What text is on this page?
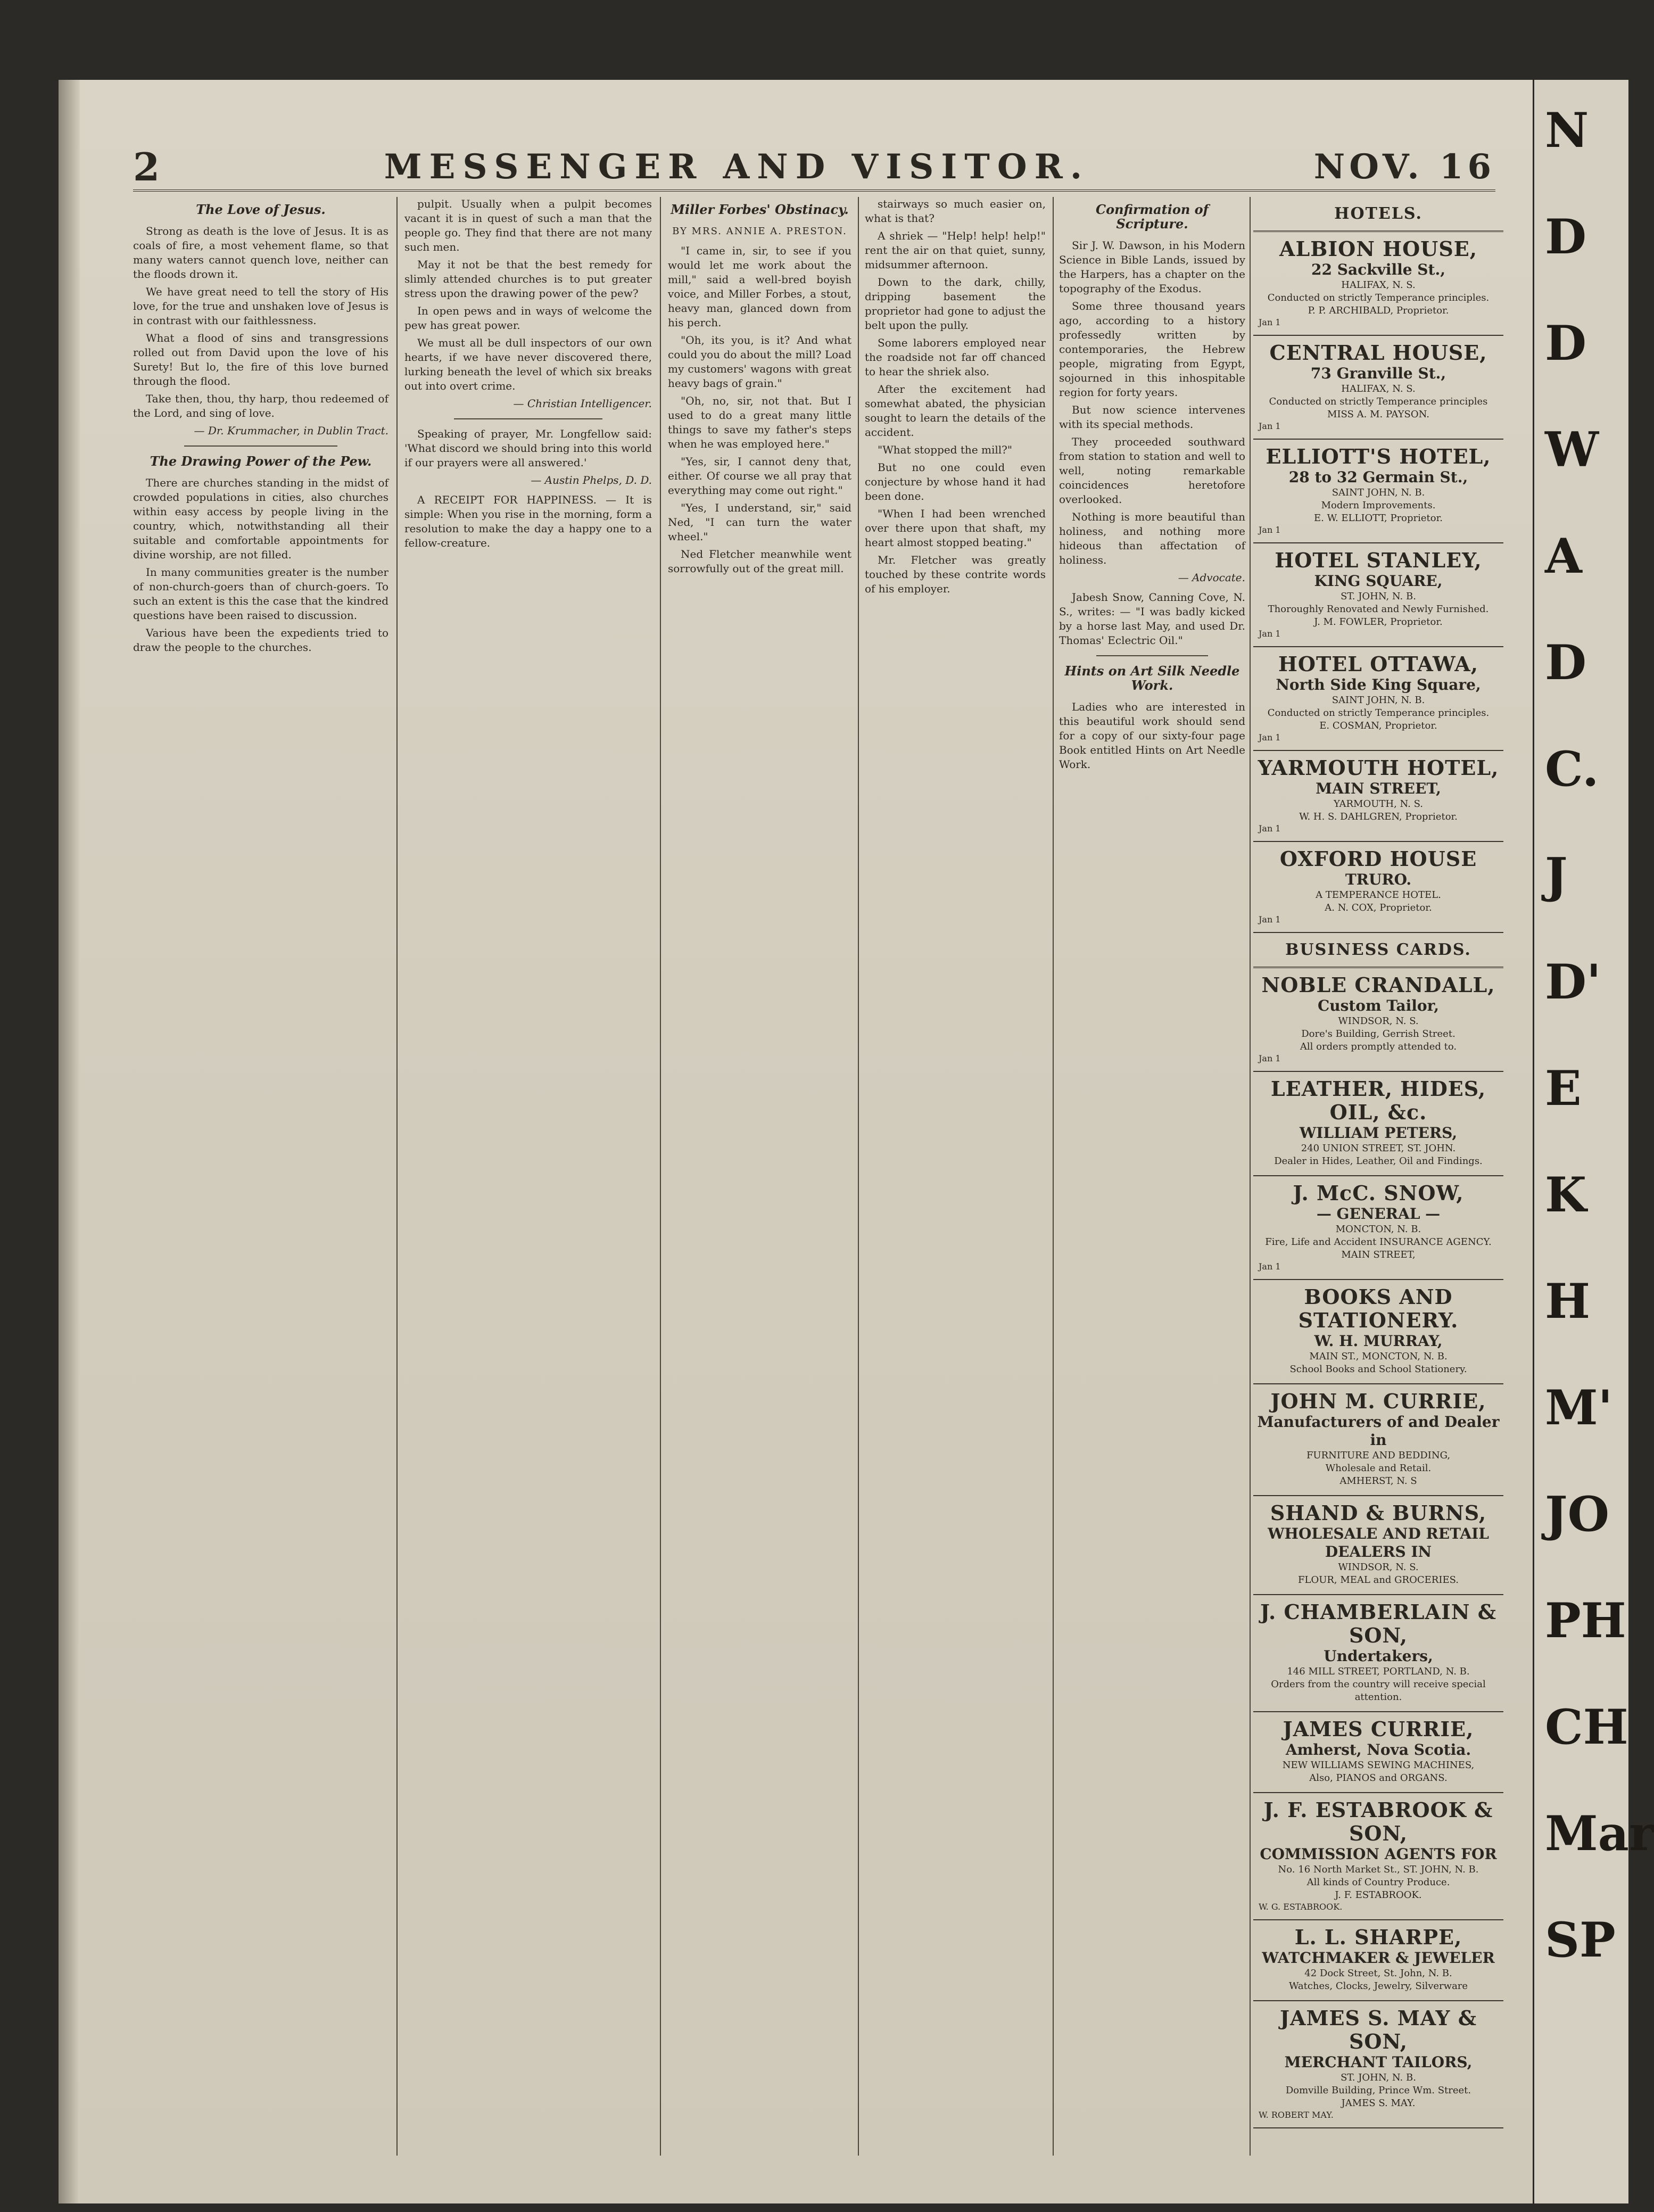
2	MESSENGER AND VISITOR.	NOV. 16
The Love of Jesus.

Strong as death is the love of Jesus. It is as coals of fire, a most vehement flame, so that many waters cannot quench love, neither can the floods drown it.

We have great need to tell the story of His love, for the true and unshaken love of Jesus is in contrast with our faithlessness.

What a flood of sins and transgressions rolled out from David upon the love of his Surety! But lo, the fire of this love burned through the flood.

Take then, thou, thy harp, thou redeemed of the Lord, and sing of love.

— Dr. Krummacher, in Dublin Tract.
The Drawing Power of the Pew.

There are churches standing in the midst of crowded populations in cities, also churches within easy access by people living in the country, which, notwithstanding all their suitable and comfortable appointments for divine worship, are not filled.

In many communities greater is the number of non-church-goers than of church-goers. To such an extent is this the case that the kindred questions have been raised to discussion.

Various have been the expedients tried to draw the people to the churches.

pulpit. Usually when a pulpit becomes vacant it is in quest of such a man that the people go. They find that there are not many such men.

May it not be that the best remedy for slimly attended churches is to put greater stress upon the drawing power of the pew?

In open pews and in ways of welcome the pew has great power.

We must all be dull inspectors of our own hearts, if we have never discovered there, lurking beneath the level of which six breaks out into overt crime.

— Christian Intelligencer.

Speaking of prayer, Mr. Longfellow said: 'What discord we should bring into this world if our prayers were all answered.'

— Austin Phelps, D. D.

A RECEIPT FOR HAPPINESS. — It is simple: When you rise in the morning, form a resolution to make the day a happy one to a fellow-creature.

Miller Forbes' Obstinacy.
BY MRS. ANNIE A. PRESTON.

"I came in, sir, to see if you would let me work about the mill," said a well-bred boyish voice, and Miller Forbes, a stout, heavy man, glanced down from his perch.

"Oh, its you, is it? And what could you do about the mill? Load my customers' wagons with great heavy bags of grain."

"Oh, no, sir, not that. But I used to do a great many little things to save my father's steps when he was employed here."

"Yes, sir, I cannot deny that, either. Of course we all pray that everything may come out right."

"Yes, I understand, sir," said Ned, "I can turn the water wheel."

Ned Fletcher meanwhile went sorrowfully out of the great mill.

stairways so much easier on, what is that?

A shriek — "Help! help! help!" rent the air on that quiet, sunny, midsummer afternoon.

Down to the dark, chilly, dripping basement the proprietor had gone to adjust the belt upon the pully.

Some laborers employed near the roadside not far off chanced to hear the shriek also.

After the excitement had somewhat abated, the physician sought to learn the details of the accident.

"What stopped the mill?"

But no one could even conjecture by whose hand it had been done.

"When I had been wrenched over there upon that shaft, my heart almost stopped beating."

Mr. Fletcher was greatly touched by these contrite words of his employer.

Confirmation of Scripture.

Sir J. W. Dawson, in his Modern Science in Bible Lands, issued by the Harpers, has a chapter on the topography of the Exodus.

Some three thousand years ago, according to a history professedly written by contemporaries, the Hebrew people, migrating from Egypt, sojourned in this inhospitable region for forty years.

But now science intervenes with its special methods.

They proceeded southward from station to station and well to well, noting remarkable coincidences heretofore overlooked.

Nothing is more beautiful than holiness, and nothing more hideous than affectation of holiness.

— Advocate.

Jabesh Snow, Canning Cove, N. S., writes: — "I was badly kicked by a horse last May, and used Dr. Thomas' Eclectric Oil."

Hints on Art Silk Needle Work.

Ladies who are interested in this beautiful work should send for a copy of our sixty-four page Book entitled Hints on Art Needle Work.

HOTELS.
ALBION HOUSE,
22 Sackville St.,
HALIFAX, N. S.
Conducted on strictly Temperance principles.
P. P. ARCHIBALD, Proprietor.
Jan 1
CENTRAL HOUSE,
73 Granville St.,
HALIFAX, N. S.
Conducted on strictly Temperance principles
MISS A. M. PAYSON.
Jan 1
ELLIOTT'S HOTEL,
28 to 32 Germain St.,
SAINT JOHN, N. B.
Modern Improvements.
E. W. ELLIOTT, Proprietor.
Jan 1
HOTEL STANLEY,
KING SQUARE,
ST. JOHN, N. B.
Thoroughly Renovated and Newly Furnished.
J. M. FOWLER, Proprietor.
Jan 1
HOTEL OTTAWA,
North Side King Square,
SAINT JOHN, N. B.
Conducted on strictly Temperance principles.
E. COSMAN, Proprietor.
Jan 1
YARMOUTH HOTEL,
MAIN STREET,
YARMOUTH, N. S.
W. H. S. DAHLGREN, Proprietor.
Jan 1
OXFORD HOUSE
TRURO.
A TEMPERANCE HOTEL.
A. N. COX, Proprietor.
Jan 1
BUSINESS CARDS.
NOBLE CRANDALL,
Custom Tailor,
WINDSOR, N. S.
Dore's Building, Gerrish Street.
All orders promptly attended to.
Jan 1
LEATHER, HIDES, OIL, &c.
WILLIAM PETERS,
240 UNION STREET, ST. JOHN.
Dealer in Hides, Leather, Oil and Findings.
J. McC. SNOW,
— GENERAL —
MONCTON, N. B.
Fire, Life and Accident INSURANCE AGENCY.
MAIN STREET,
Jan 1
BOOKS AND STATIONERY.
W. H. MURRAY,
MAIN ST., MONCTON, N. B.
School Books and School Stationery.
JOHN M. CURRIE,
Manufacturers of and Dealer in
FURNITURE AND BEDDING,
Wholesale and Retail.
AMHERST, N. S
SHAND & BURNS,
WHOLESALE AND RETAIL DEALERS IN
WINDSOR, N. S.
FLOUR, MEAL and GROCERIES.
J. CHAMBERLAIN & SON,
Undertakers,
146 MILL STREET, PORTLAND, N. B.
Orders from the country will receive special attention.
JAMES CURRIE,
Amherst, Nova Scotia.
NEW WILLIAMS SEWING MACHINES,
Also, PIANOS and ORGANS.
J. F. ESTABROOK & SON,
COMMISSION AGENTS FOR
No. 16 North Market St., ST. JOHN, N. B.
All kinds of Country Produce.
J. F. ESTABROOK.
W. G. ESTABROOK.
L. L. SHARPE,
WATCHMAKER & JEWELER
42 Dock Street, St. John, N. B.
Watches, Clocks, Jewelry, Silverware
JAMES S. MAY & SON,
MERCHANT TAILORS,
ST. JOHN, N. B.
Domville Building, Prince Wm. Street.
JAMES S. MAY.
W. ROBERT MAY.
N
D
D
W
A
D
C.
J
D'
E
K
H
M'
JO
PH
CH
Mar
SP
